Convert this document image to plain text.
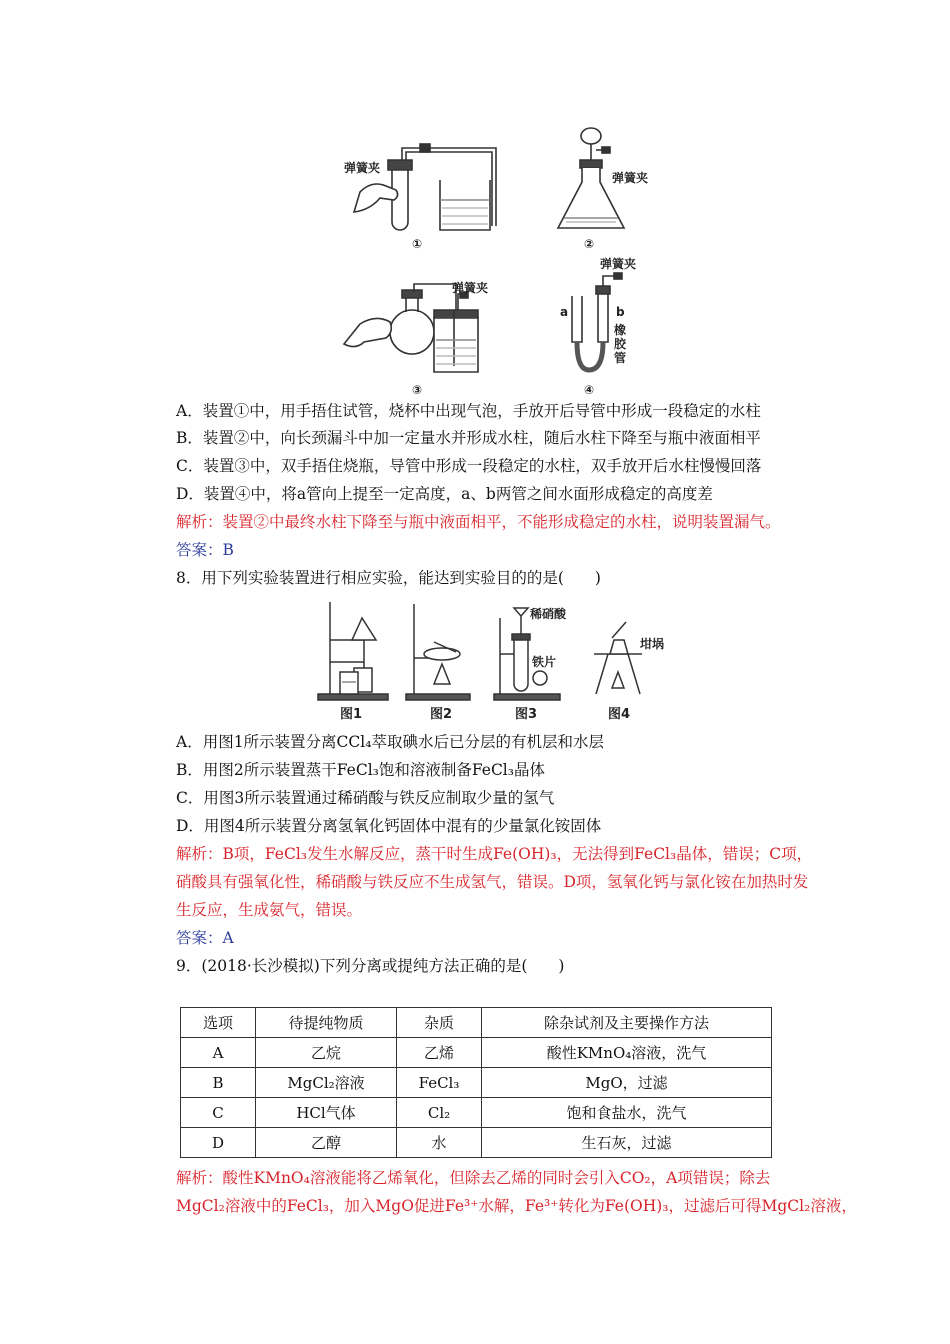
弹簧夹
弹簧夹
弹簧夹
弹簧夹
①	②
③	④
a	b
橡
胶
管
A．装置①中，用手捂住试管，烧杯中出现气泡，手放开后导管中形成一段稳定的水柱
B．装置②中，向长颈漏斗中加一定量水并形成水柱，随后水柱下降至与瓶中液面相平
C．装置③中，双手捂住烧瓶，导管中形成一段稳定的水柱，双手放开后水柱慢慢回落
D．装置④中，将a管向上提至一定高度，a、b两管之间水面形成稳定的高度差
解析：装置②中最终水柱下降至与瓶中液面相平，不能形成稳定的水柱，说明装置漏气。
答案：B
8．用下列实验装置进行相应实验，能达到实验目的的是(　　)
图1	图2	图3	图4
稀硝酸
铁片
坩埚
A．用图1所示装置分离CCl₄萃取碘水后已分层的有机层和水层
B．用图2所示装置蒸干FeCl₃饱和溶液制备FeCl₃晶体
C．用图3所示装置通过稀硝酸与铁反应制取少量的氢气
D．用图4所示装置分离氢氧化钙固体中混有的少量氯化铵固体
解析：B项，FeCl₃发生水解反应，蒸干时生成Fe(OH)₃，无法得到FeCl₃晶体，错误；C项，
硝酸具有强氧化性，稀硝酸与铁反应不生成氢气，错误。D项，氢氧化钙与氯化铵在加热时发
生反应，生成氨气，错误。
答案：A
9．(2018·长沙模拟)下列分离或提纯方法正确的是(　　)
选项	待提纯物质	杂质	除杂试剂及主要操作方法
A	乙烷	乙烯	酸性KMnO₄溶液，洗气
B	MgCl₂溶液	FeCl₃	MgO，过滤
C	HCl气体	Cl₂	饱和食盐水，洗气
D	乙醇	水	生石灰，过滤
解析：酸性KMnO₄溶液能将乙烯氧化，但除去乙烯的同时会引入CO₂，A项错误；除去
MgCl₂溶液中的FeCl₃，加入MgO促进Fe³⁺水解，Fe³⁺转化为Fe(OH)₃，过滤后可得MgCl₂溶液，
